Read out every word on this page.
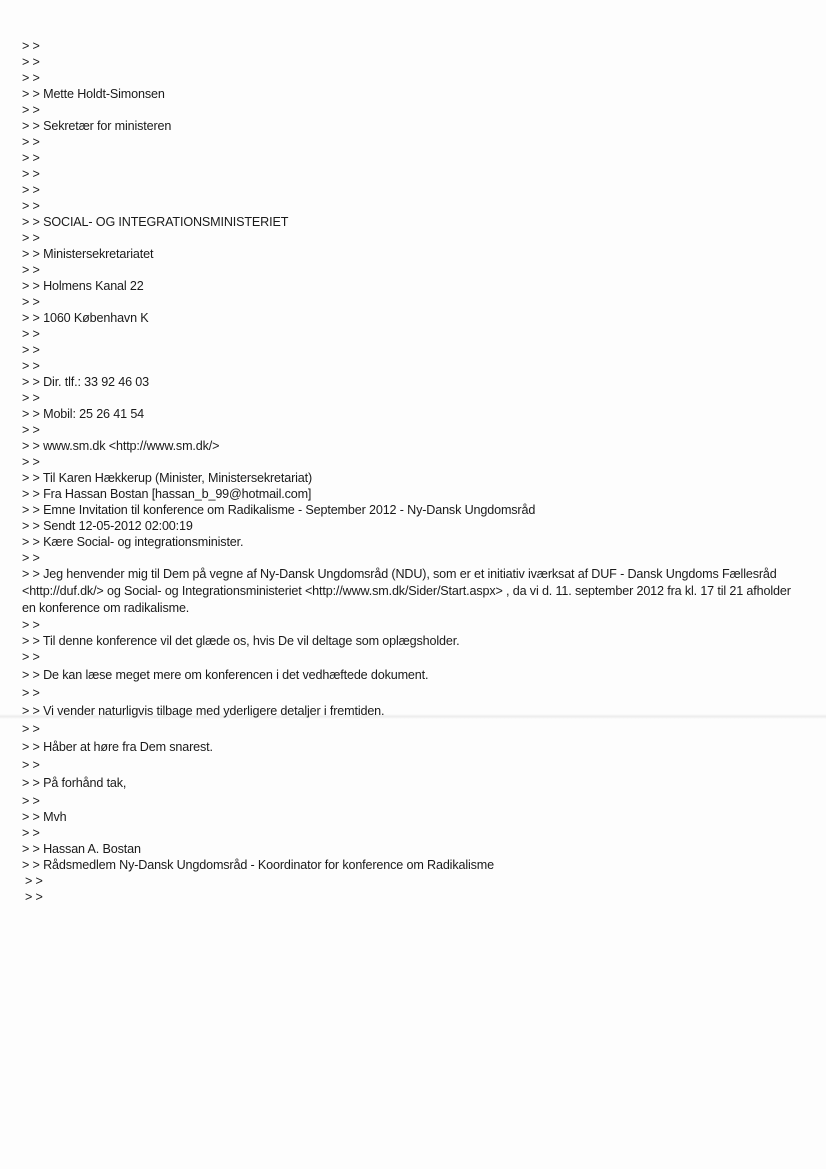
> >
> >
> >
> > Mette Holdt-Simonsen
> >
> > Sekretær for ministeren
> >
> >
> >
> >
> >
> > SOCIAL- OG INTEGRATIONSMINISTERIET
> >
> > Ministersekretariatet
> >
> > Holmens Kanal 22
> >
> > 1060 København K
> >
> >
> >
> > Dir. tlf.: 33 92 46 03
> >
> > Mobil: 25 26 41 54
> >
> > www.sm.dk <http://www.sm.dk/>
> >
> > Til Karen Hækkerup (Minister, Ministersekretariat)
> > Fra Hassan Bostan [hassan_b_99@hotmail.com]
> > Emne Invitation til konference om Radikalisme - September 2012 - Ny-Dansk Ungdomsråd
> > Sendt 12-05-2012 02:00:19
> > Kære Social- og integrationsminister.
> >

> > Jeg henvender mig til Dem på vegne af Ny-Dansk Ungdomsråd (NDU), som er et initiativ iværksat af DUF - Dansk Ungdoms Fællesråd <http://duf.dk/> og Social- og Integrationsministeriet <http://www.sm.dk/Sider/Start.aspx> , da vi d. 11. september 2012 fra kl. 17 til 21 afholder en konference om radikalisme.

> >
> > Til denne konference vil det glæde os, hvis De vil deltage som oplægsholder.
> >
> > De kan læse meget mere om konferencen i det vedhæftede dokument.
> >
> > Vi vender naturligvis tilbage med yderligere detaljer i fremtiden.
> >
> > Håber at høre fra Dem snarest.
> >
> > På forhånd tak,
> >
> > Mvh
> >
> > Hassan A. Bostan
> > Rådsmedlem Ny-Dansk Ungdomsråd - Koordinator for konference om Radikalisme
> >
> >
